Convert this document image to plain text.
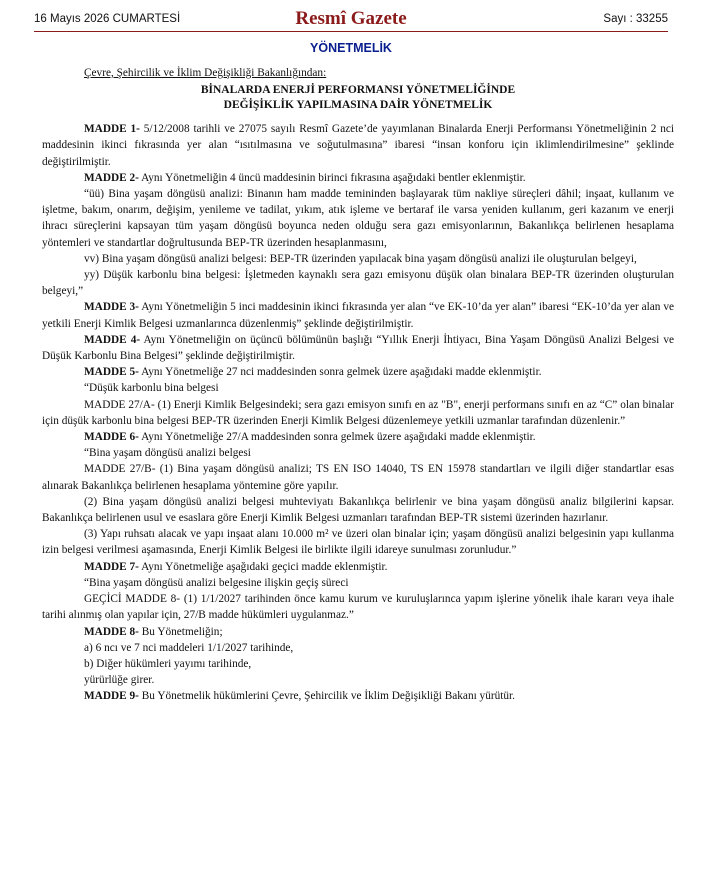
16 Mayıs 2026 CUMARTESİ	Resmî Gazete	Sayı : 33255
YÖNETMELİK

Çevre, Şehircilik ve İklim Değişikliği Bakanlığından:

BİNALARDA ENERJİ PERFORMANSI YÖNETMELİĞİNDE
DEĞİŞİKLİK YAPILMASINA DAİR YÖNETMELİK

MADDE 1- 5/12/2008 tarihli ve 27075 sayılı Resmî Gazete’de yayımlanan Binalarda Enerji Performansı Yönetmeliğinin 2 nci maddesinin ikinci fıkrasında yer alan “ısıtılmasına ve soğutulmasına” ibaresi “insan konforu için iklimlendirilmesine” şeklinde değiştirilmiştir.

MADDE 2- Aynı Yönetmeliğin 4 üncü maddesinin birinci fıkrasına aşağıdaki bentler eklenmiştir.

“üü) Bina yaşam döngüsü analizi: Binanın ham madde temininden başlayarak tüm nakliye süreçleri dâhil; inşaat, kullanım ve işletme, bakım, onarım, değişim, yenileme ve tadilat, yıkım, atık işleme ve bertaraf ile varsa yeniden kullanım, geri kazanım ve enerji ihracı süreçlerini kapsayan tüm yaşam döngüsü boyunca neden olduğu sera gazı emisyonlarının, Bakanlıkça belirlenen hesaplama yöntemleri ve standartlar doğrultusunda BEP-TR üzerinden hesaplanmasını,

vv) Bina yaşam döngüsü analizi belgesi: BEP-TR üzerinden yapılacak bina yaşam döngüsü analizi ile oluşturulan belgeyi,

yy) Düşük karbonlu bina belgesi: İşletmeden kaynaklı sera gazı emisyonu düşük olan binalara BEP-TR üzerinden oluşturulan belgeyi,”

MADDE 3- Aynı Yönetmeliğin 5 inci maddesinin ikinci fıkrasında yer alan “ve EK-10’da yer alan” ibaresi “EK-10’da yer alan ve yetkili Enerji Kimlik Belgesi uzmanlarınca düzenlenmiş” şeklinde değiştirilmiştir.

MADDE 4- Aynı Yönetmeliğin on üçüncü bölümünün başlığı “Yıllık Enerji İhtiyacı, Bina Yaşam Döngüsü Analizi Belgesi ve Düşük Karbonlu Bina Belgesi” şeklinde değiştirilmiştir.

MADDE 5- Aynı Yönetmeliğe 27 nci maddesinden sonra gelmek üzere aşağıdaki madde eklenmiştir.

“Düşük karbonlu bina belgesi

MADDE 27/A- (1) Enerji Kimlik Belgesindeki; sera gazı emisyon sınıfı en az "B", enerji performans sınıfı en az “C” olan binalar için düşük karbonlu bina belgesi BEP-TR üzerinden Enerji Kimlik Belgesi düzenlemeye yetkili uzmanlar tarafından düzenlenir.”

MADDE 6- Aynı Yönetmeliğe 27/A maddesinden sonra gelmek üzere aşağıdaki madde eklenmiştir.

“Bina yaşam döngüsü analizi belgesi

MADDE 27/B- (1) Bina yaşam döngüsü analizi; TS EN ISO 14040, TS EN 15978 standartları ve ilgili diğer standartlar esas alınarak Bakanlıkça belirlenen hesaplama yöntemine göre yapılır.

(2) Bina yaşam döngüsü analizi belgesi muhteviyatı Bakanlıkça belirlenir ve bina yaşam döngüsü analiz bilgilerini kapsar. Bakanlıkça belirlenen usul ve esaslara göre Enerji Kimlik Belgesi uzmanları tarafından BEP-TR sistemi üzerinden hazırlanır.

(3) Yapı ruhsatı alacak ve yapı inşaat alanı 10.000 m² ve üzeri olan binalar için; yaşam döngüsü analizi belgesinin yapı kullanma izin belgesi verilmesi aşamasında, Enerji Kimlik Belgesi ile birlikte ilgili idareye sunulması zorunludur.”

MADDE 7- Aynı Yönetmeliğe aşağıdaki geçici madde eklenmiştir.

“Bina yaşam döngüsü analizi belgesine ilişkin geçiş süreci

GEÇİCİ MADDE 8- (1) 1/1/2027 tarihinden önce kamu kurum ve kuruluşlarınca yapım işlerine yönelik ihale kararı veya ihale tarihi alınmış olan yapılar için, 27/B madde hükümleri uygulanmaz.”

MADDE 8- Bu Yönetmeliğin;

a) 6 ncı ve 7 nci maddeleri 1/1/2027 tarihinde,

b) Diğer hükümleri yayımı tarihinde,

yürürlüğe girer.

MADDE 9- Bu Yönetmelik hükümlerini Çevre, Şehircilik ve İklim Değişikliği Bakanı yürütür.
